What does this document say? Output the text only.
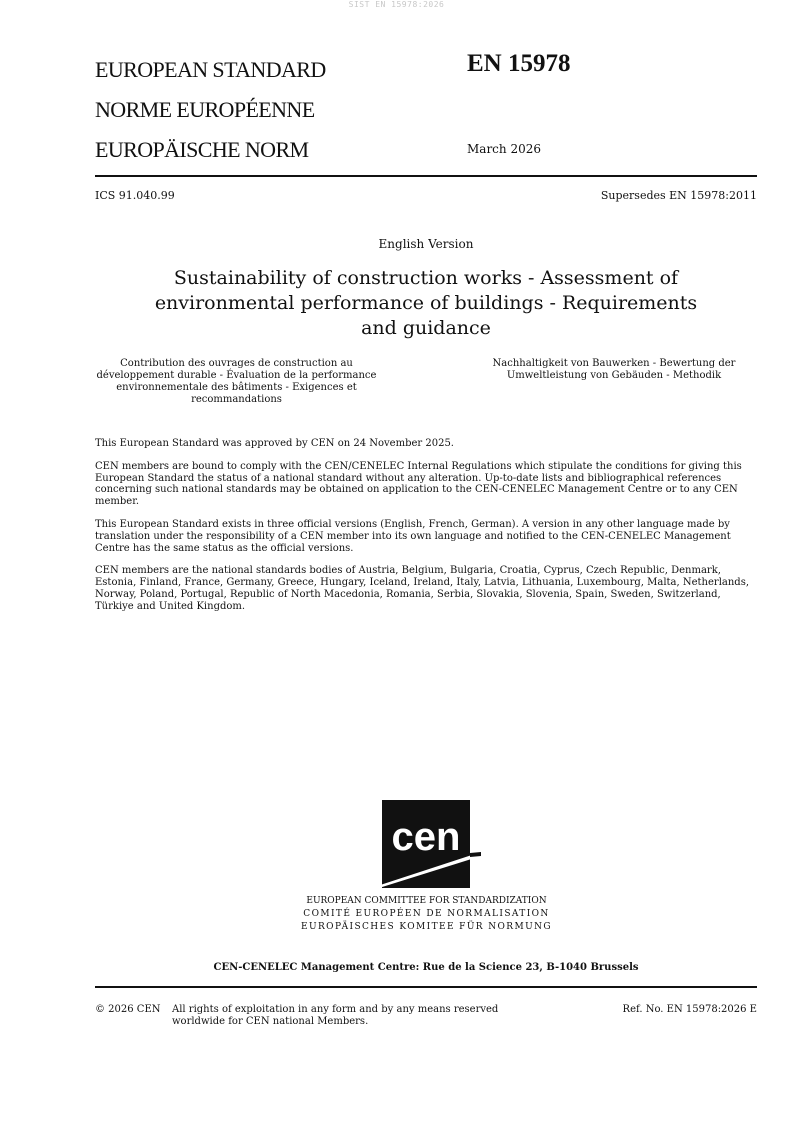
SIST EN 15978:2026
EUROPEAN STANDARD
NORME EUROPÉENNE
EUROPÄISCHE NORM
EN 15978
March 2026
ICS 91.040.99	Supersedes EN 15978:2011
English Version
Sustainability of construction works - Assessment of
environmental performance of buildings - Requirements
and guidance
Contribution des ouvrages de construction au
développement durable - Évaluation de la performance
environnementale des bâtiments - Exigences et
recommandations
Nachhaltigkeit von Bauwerken - Bewertung der
Umweltleistung von Gebäuden - Methodik

This European Standard was approved by CEN on 24 November 2025.

CEN members are bound to comply with the CEN/CENELEC Internal Regulations which stipulate the conditions for giving this European Standard the status of a national standard without any alteration. Up-to-date lists and bibliographical references concerning such national standards may be obtained on application to the CEN-CENELEC Management Centre or to any CEN member.

This European Standard exists in three official versions (English, French, German). A version in any other language made by translation under the responsibility of a CEN member into its own language and notified to the CEN-CENELEC Management Centre has the same status as the official versions.

CEN members are the national standards bodies of Austria, Belgium, Bulgaria, Croatia, Cyprus, Czech Republic, Denmark, Estonia, Finland, France, Germany, Greece, Hungary, Iceland, Ireland, Italy, Latvia, Lithuania, Luxembourg, Malta, Netherlands, Norway, Poland, Portugal, Republic of North Macedonia, Romania, Serbia, Slovakia, Slovenia, Spain, Sweden, Switzerland, Türkiye and United Kingdom.

cen
EUROPEAN COMMITTEE FOR STANDARDIZATION
COMITÉ EUROPÉEN DE NORMALISATION
EUROPÄISCHES KOMITEE FÜR NORMUNG
CEN-CENELEC Management Centre: Rue de la Science 23, B-1040 Brussels
© 2026 CEN All rights of exploitation in any form and by any means reserved
worldwide for CEN national Members.
Ref. No. EN 15978:2026 E
